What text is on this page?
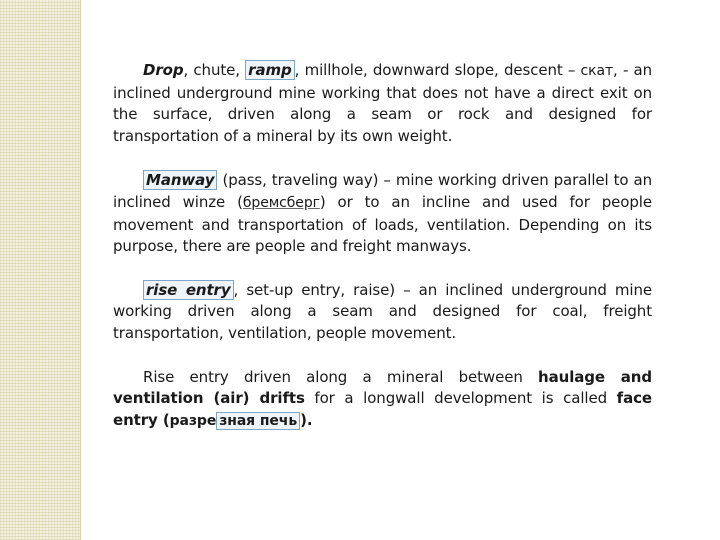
Drop, chute, ramp , millhole, downward slope, descent – скат, - an inclined underground mine working that does not have a direct exit on the surface, driven along a seam or rock and designed for transportation of a mineral by its own weight.

Manway (pass, traveling way) – mine working driven parallel to an inclined winze (бремсберг) or to an incline and used for people movement and transportation of loads, ventilation. Depending on its purpose, there are people and freight manways.

rise entry , set-up entry, raise) – an inclined underground mine working driven along a seam and designed for coal, freight transportation, ventilation, people movement.

Rise entry driven along a mineral between haulage and ventilation (air) drifts for a longwall development is called face entry (разре зная печь ).
